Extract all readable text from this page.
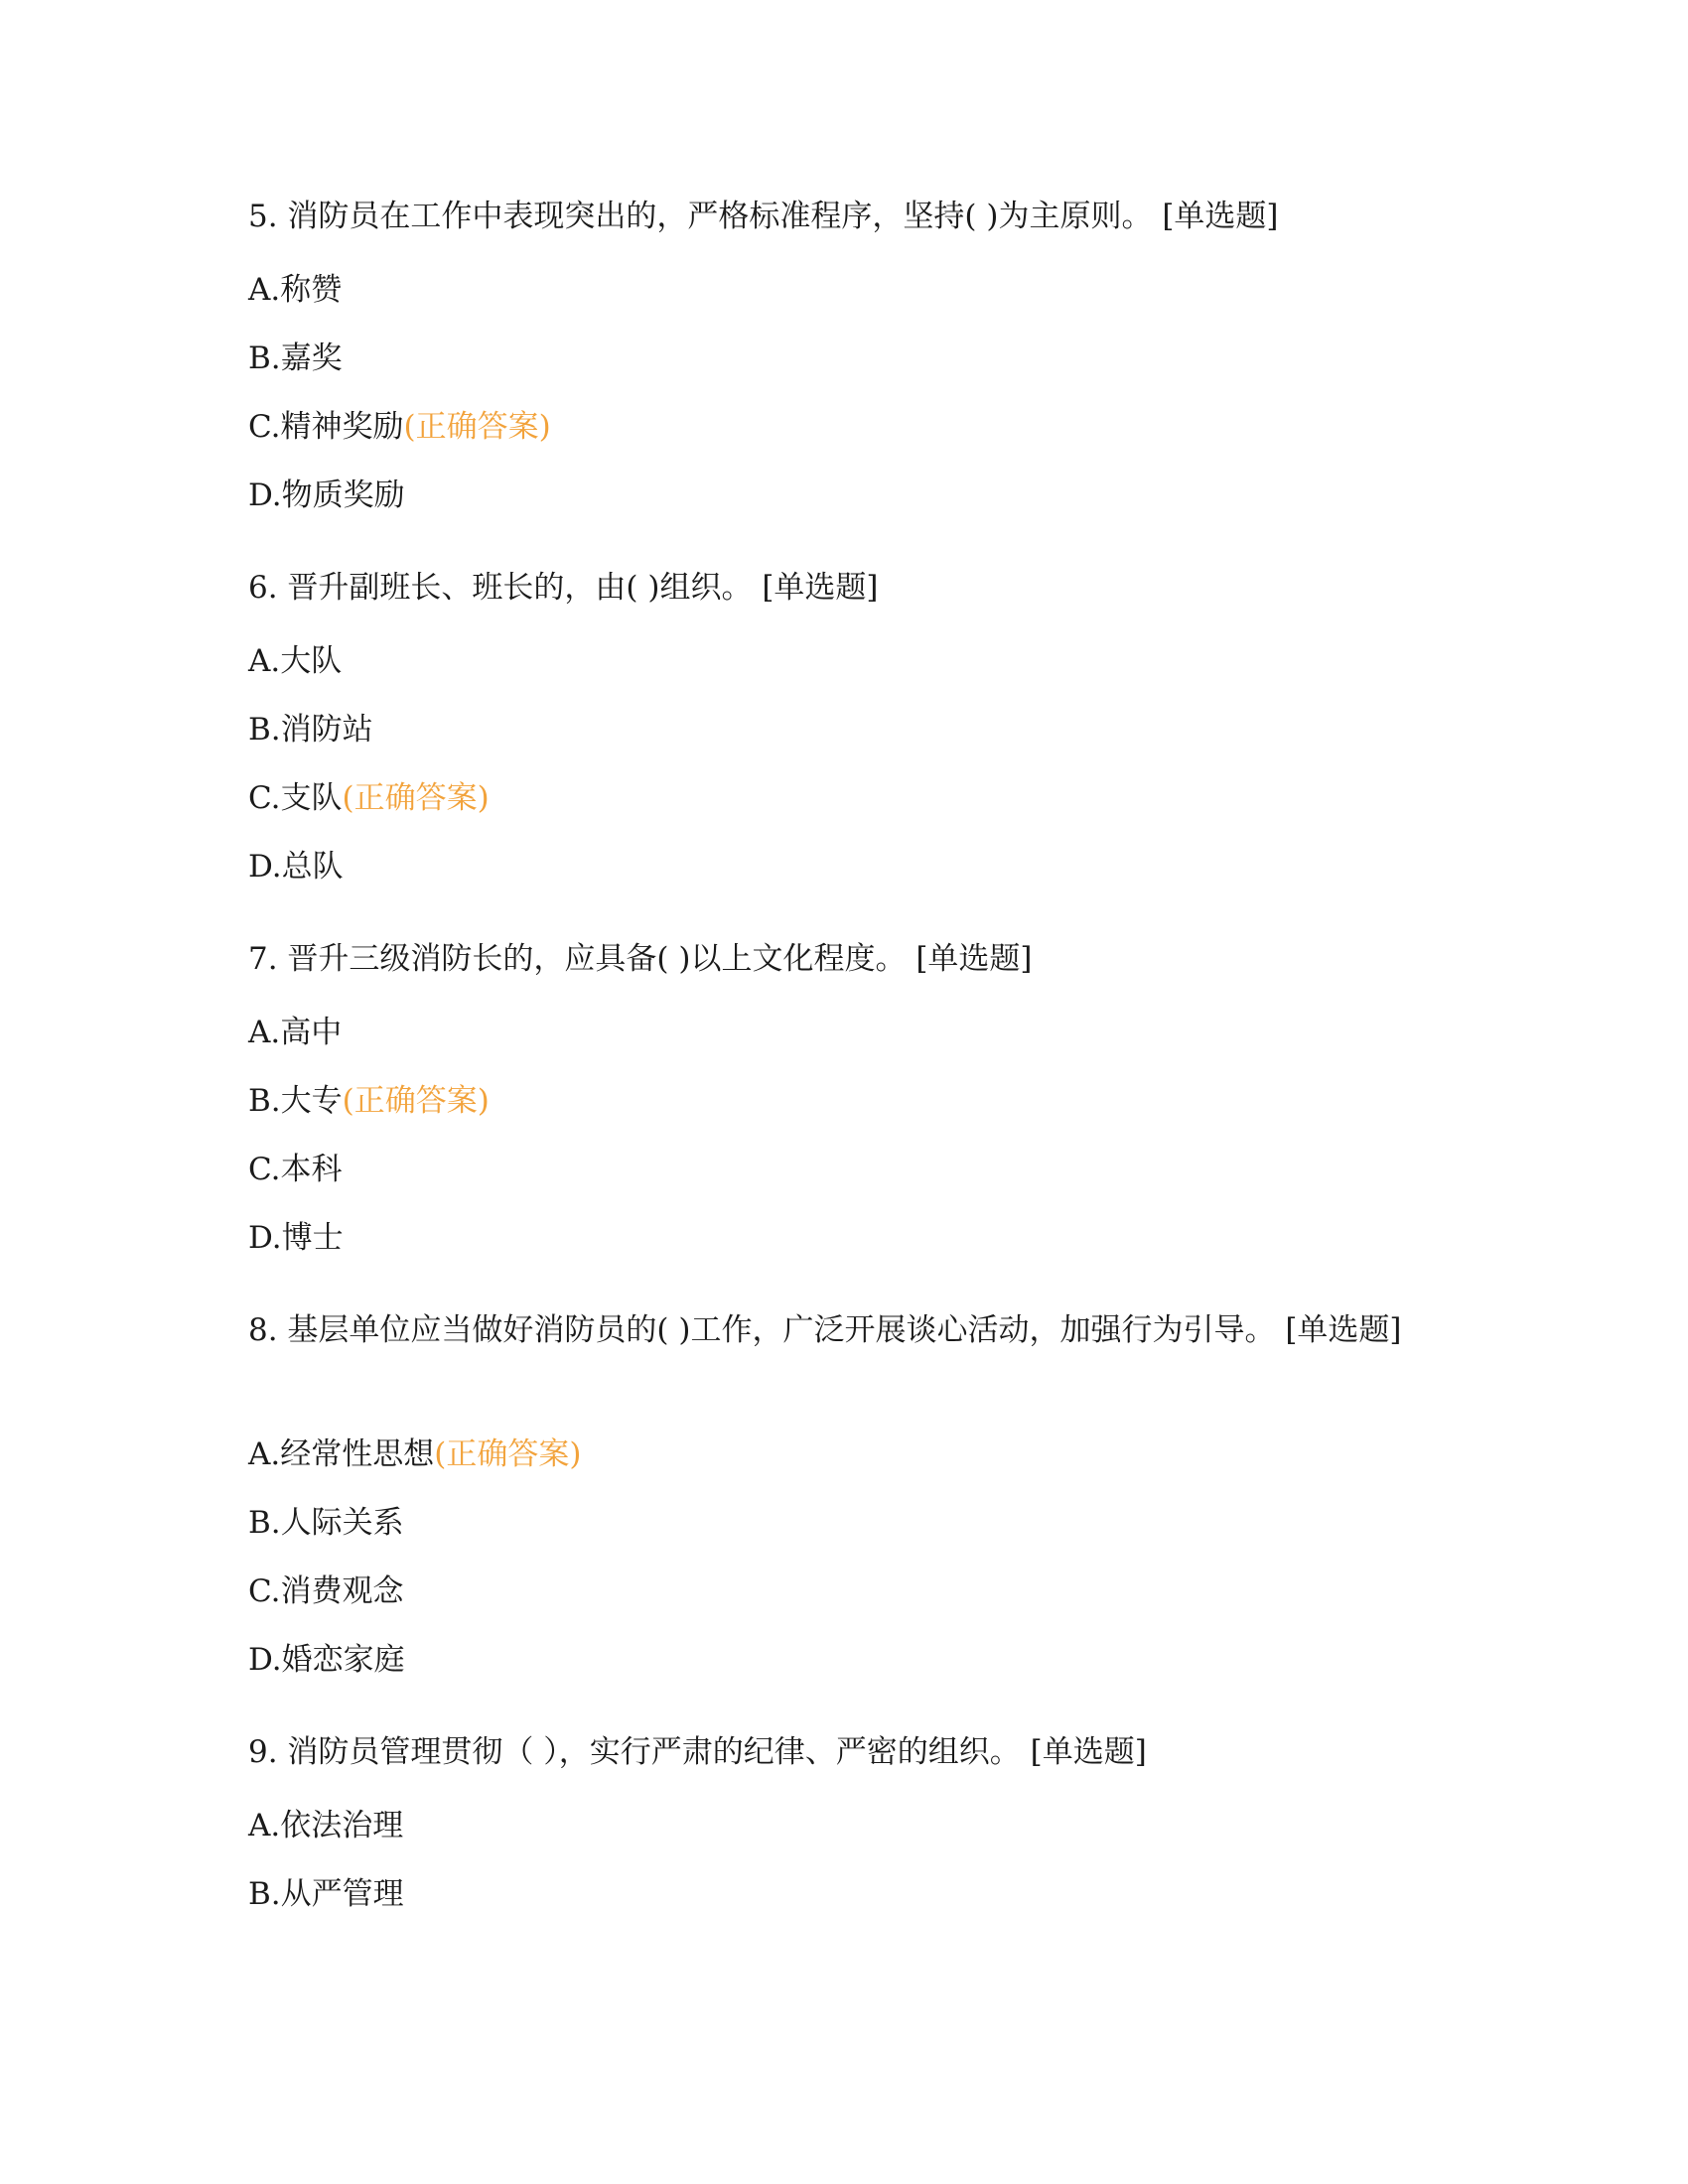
5. 消防员在工作中表现突出的，严格标准程序，坚持( )为主原则。 [单选题]
A.称赞
B.嘉奖
C.精神奖励(正确答案)
D.物质奖励
6. 晋升副班长、班长的，由( )组织。 [单选题]
A.大队
B.消防站
C.支队(正确答案)
D.总队
7. 晋升三级消防长的，应具备( )以上文化程度。 [单选题]
A.高中
B.大专(正确答案)
C.本科
D.博士
8. 基层单位应当做好消防员的( )工作，广泛开展谈心活动，加强行为引导。 [单选题]
A.经常性思想(正确答案)
B.人际关系
C.消费观念
D.婚恋家庭
9. 消防员管理贯彻（ ），实行严肃的纪律、严密的组织。 [单选题]
A.依法治理
B.从严管理
